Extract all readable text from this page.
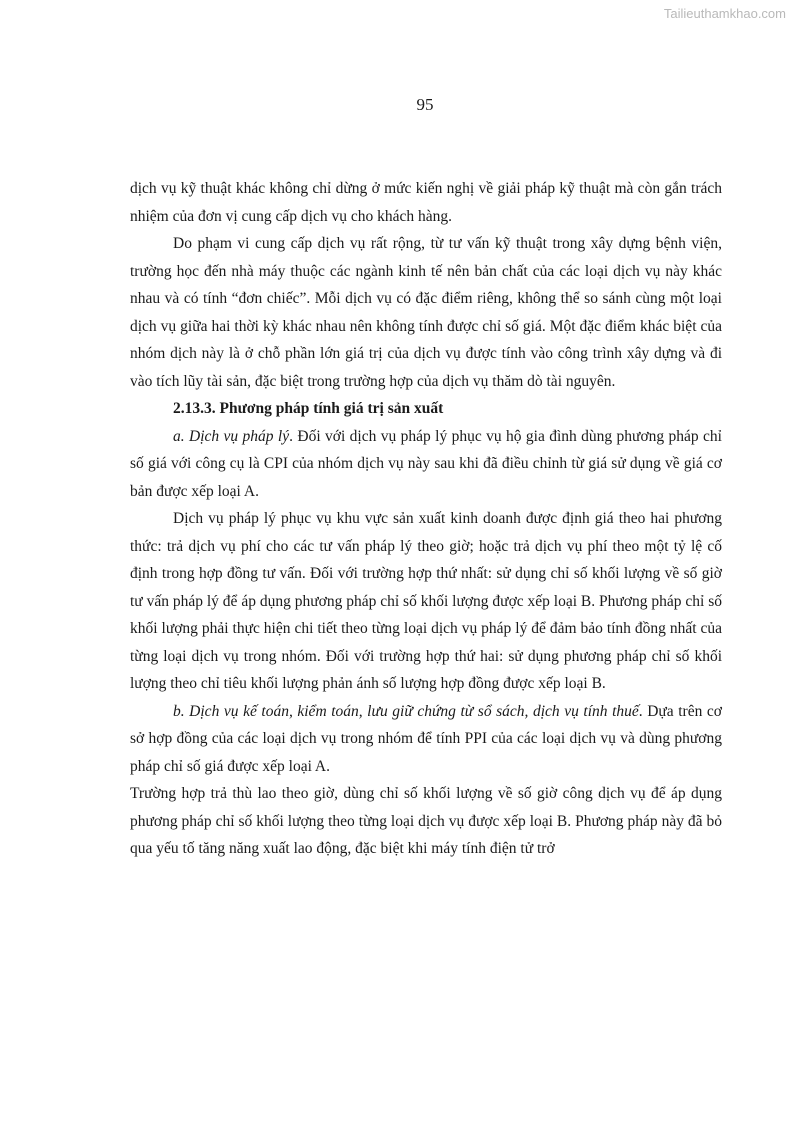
Tailieuthamkhao.com
95

dịch vụ kỹ thuật khác không chỉ dừng ở mức kiến nghị về giải pháp kỹ thuật mà còn gắn trách nhiệm của đơn vị cung cấp dịch vụ cho khách hàng.

Do phạm vi cung cấp dịch vụ rất rộng, từ tư vấn kỹ thuật trong xây dựng bệnh viện, trường học đến nhà máy thuộc các ngành kinh tế nên bản chất của các loại dịch vụ này khác nhau và có tính “đơn chiếc”. Mỗi dịch vụ có đặc điểm riêng, không thể so sánh cùng một loại dịch vụ giữa hai thời kỳ khác nhau nên không tính được chỉ số giá. Một đặc điểm khác biệt của nhóm dịch này là ở chỗ phần lớn giá trị của dịch vụ được tính vào công trình xây dựng và đi vào tích lũy tài sản, đặc biệt trong trường hợp của dịch vụ thăm dò tài nguyên.

2.13.3. Phương pháp tính giá trị sản xuất

a. Dịch vụ pháp lý. Đối với dịch vụ pháp lý phục vụ hộ gia đình dùng phương pháp chỉ số giá với công cụ là CPI của nhóm dịch vụ này sau khi đã điều chỉnh từ giá sử dụng về giá cơ bản được xếp loại A.

Dịch vụ pháp lý phục vụ khu vực sản xuất kinh doanh được định giá theo hai phương thức: trả dịch vụ phí cho các tư vấn pháp lý theo giờ; hoặc trả dịch vụ phí theo một tỷ lệ cố định trong hợp đồng tư vấn. Đối với trường hợp thứ nhất: sử dụng chỉ số khối lượng về số giờ tư vấn pháp lý để áp dụng phương pháp chỉ số khối lượng được xếp loại B. Phương pháp chỉ số khối lượng phải thực hiện chi tiết theo từng loại dịch vụ pháp lý để đảm bảo tính đồng nhất của từng loại dịch vụ trong nhóm. Đối với trường hợp thứ hai: sử dụng phương pháp chỉ số khối lượng theo chỉ tiêu khối lượng phản ánh số lượng hợp đồng được xếp loại B.

b. Dịch vụ kế toán, kiểm toán, lưu giữ chứng từ sổ sách, dịch vụ tính thuế. Dựa trên cơ sở hợp đồng của các loại dịch vụ trong nhóm để tính PPI của các loại dịch vụ và dùng phương pháp chỉ số giá được xếp loại A.

Trường hợp trả thù lao theo giờ, dùng chỉ số khối lượng về số giờ công dịch vụ để áp dụng phương pháp chỉ số khối lượng theo từng loại dịch vụ được xếp loại B. Phương pháp này đã bỏ qua yếu tố tăng năng xuất lao động, đặc biệt khi máy tính điện tử trở
